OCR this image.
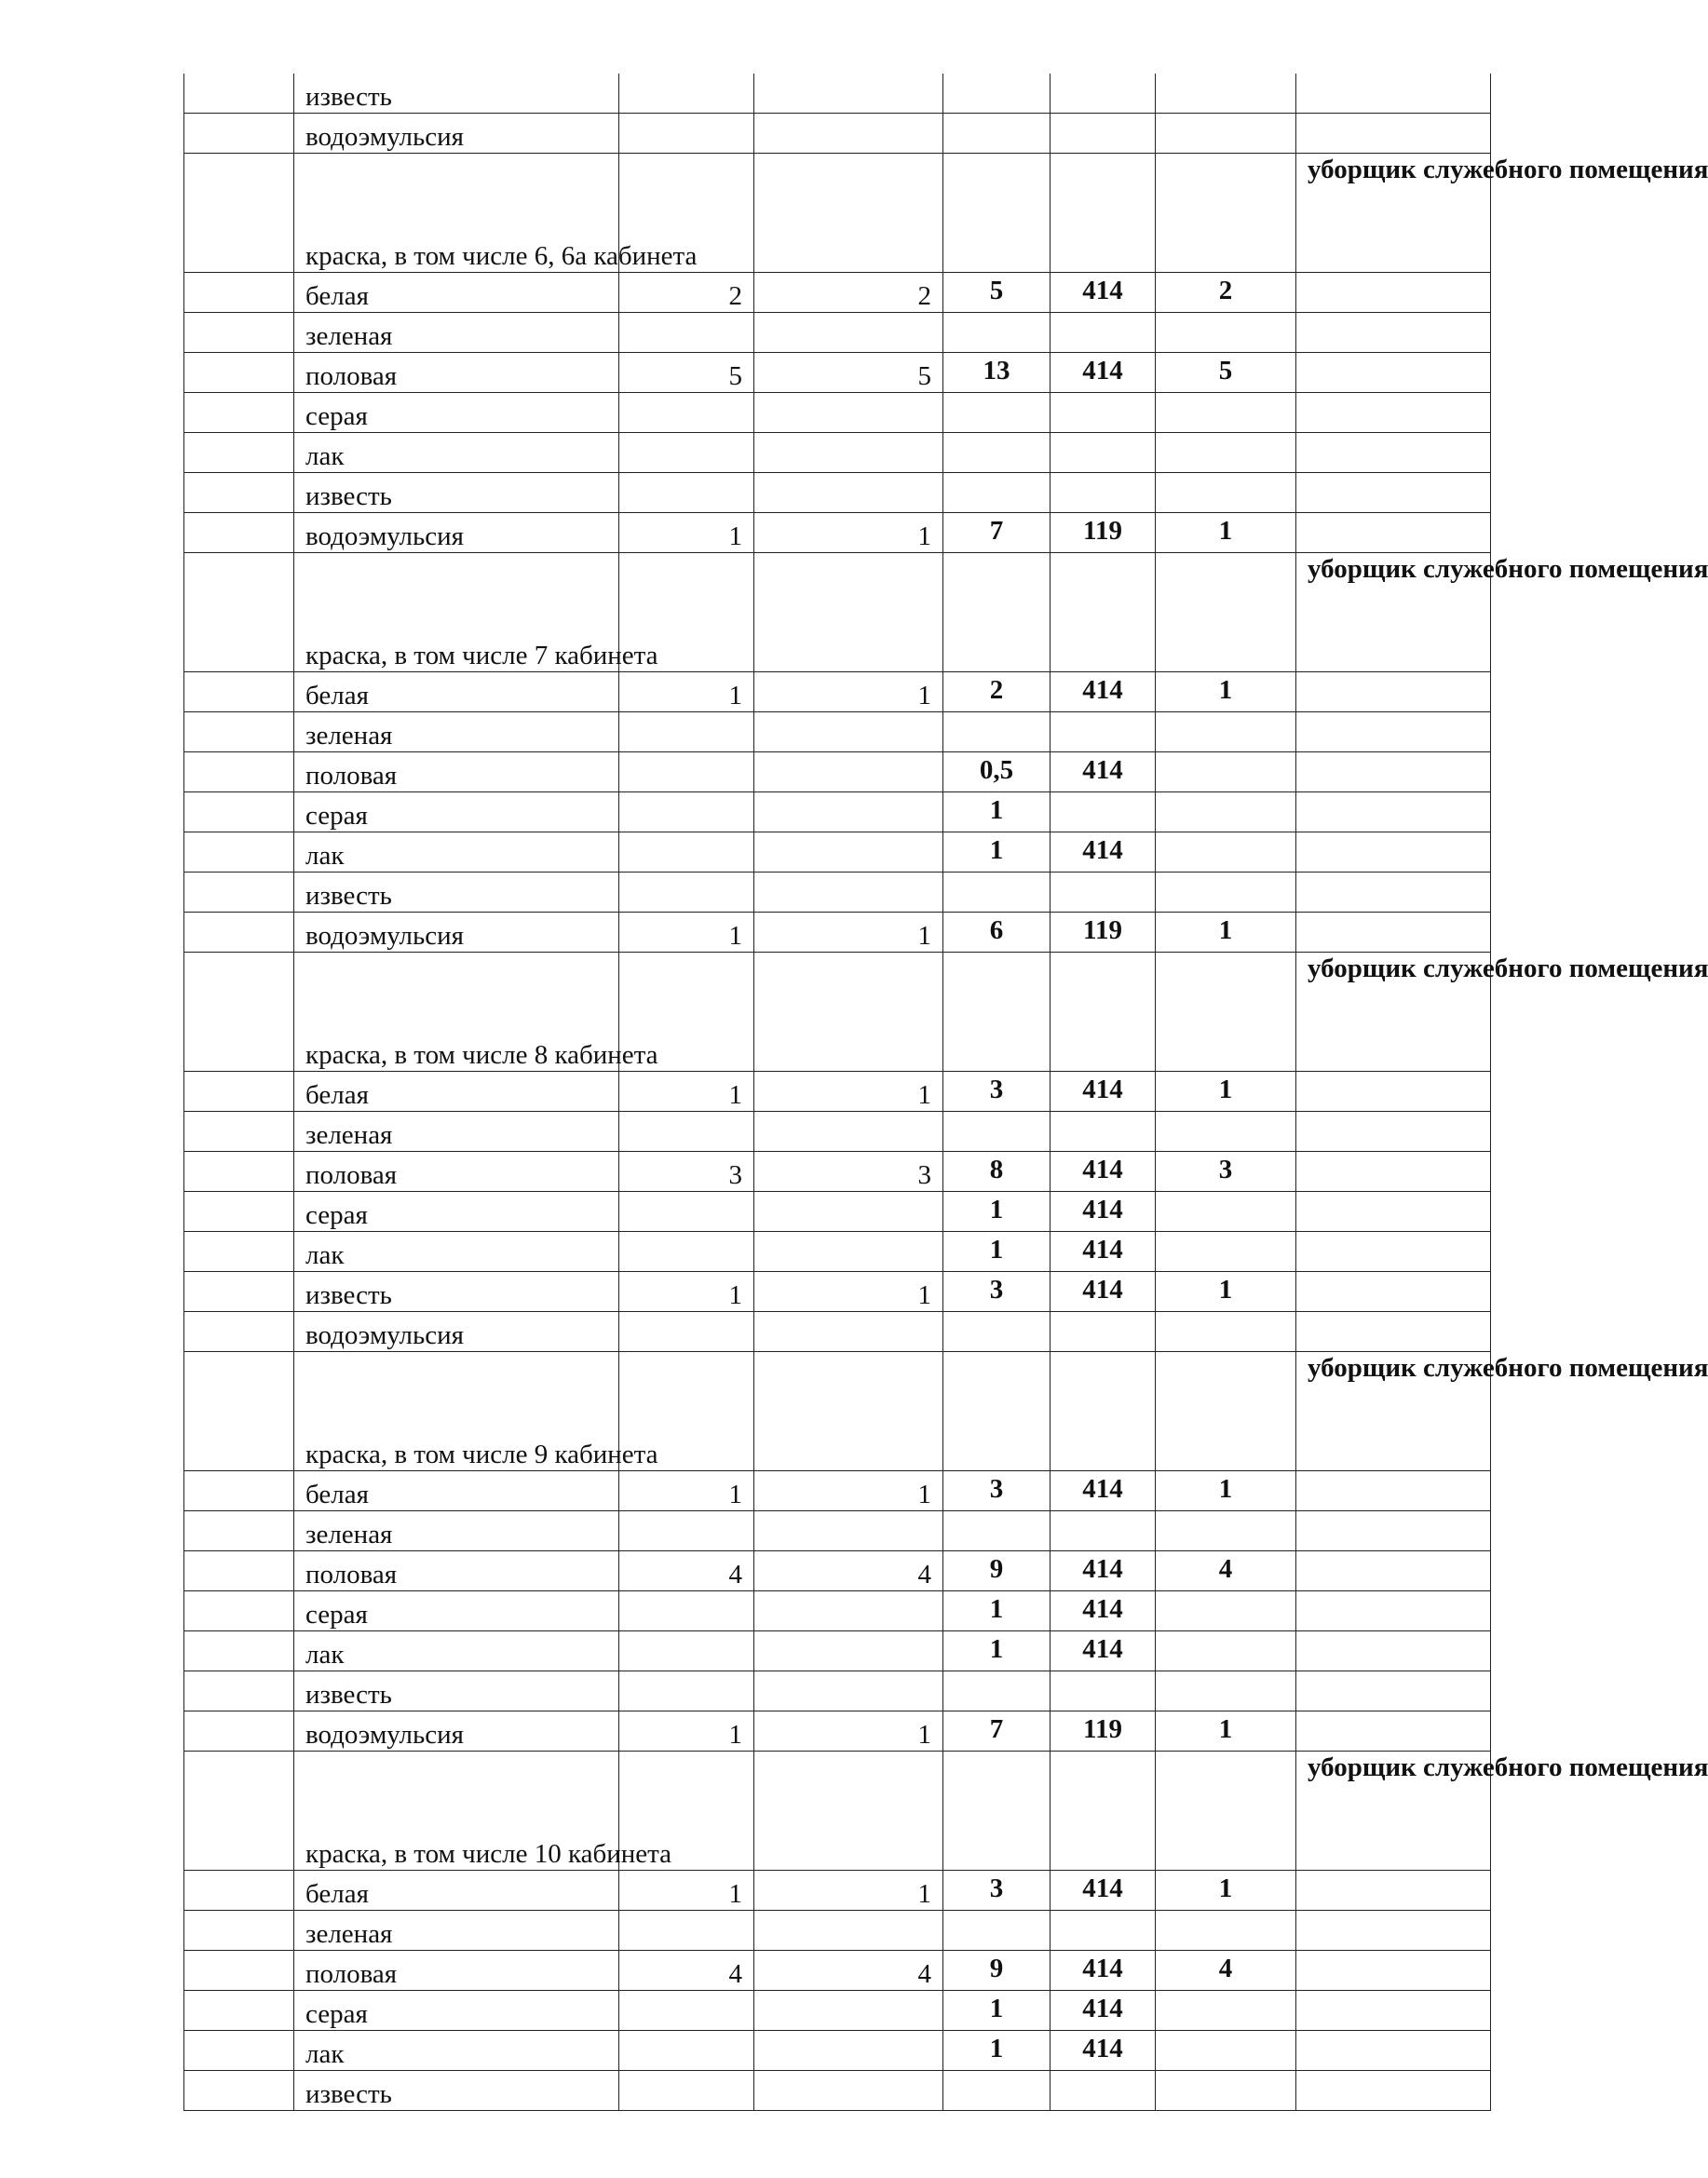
	известь						
	водоэмульсия						
	краска, в том числе 6, 6а кабинета						уборщик служебного помещения
	белая	2	2	5	414	2	
	зеленая						
	половая	5	5	13	414	5	
	серая						
	лак						
	известь						
	водоэмульсия	1	1	7	119	1	
	краска, в том числе 7 кабинета						уборщик служебного помещения
	белая	1	1	2	414	1	
	зеленая						
	половая			0,5	414		
	серая			1			
	лак			1	414		
	известь						
	водоэмульсия	1	1	6	119	1	
	краска, в том числе 8 кабинета						уборщик служебного помещения
	белая	1	1	3	414	1	
	зеленая						
	половая	3	3	8	414	3	
	серая			1	414		
	лак			1	414		
	известь	1	1	3	414	1	
	водоэмульсия						
	краска, в том числе 9 кабинета						уборщик служебного помещения
	белая	1	1	3	414	1	
	зеленая						
	половая	4	4	9	414	4	
	серая			1	414		
	лак			1	414		
	известь						
	водоэмульсия	1	1	7	119	1	
	краска, в том числе 10 кабинета						уборщик служебного помещения
	белая	1	1	3	414	1	
	зеленая						
	половая	4	4	9	414	4	
	серая			1	414		
	лак			1	414		
	известь						
